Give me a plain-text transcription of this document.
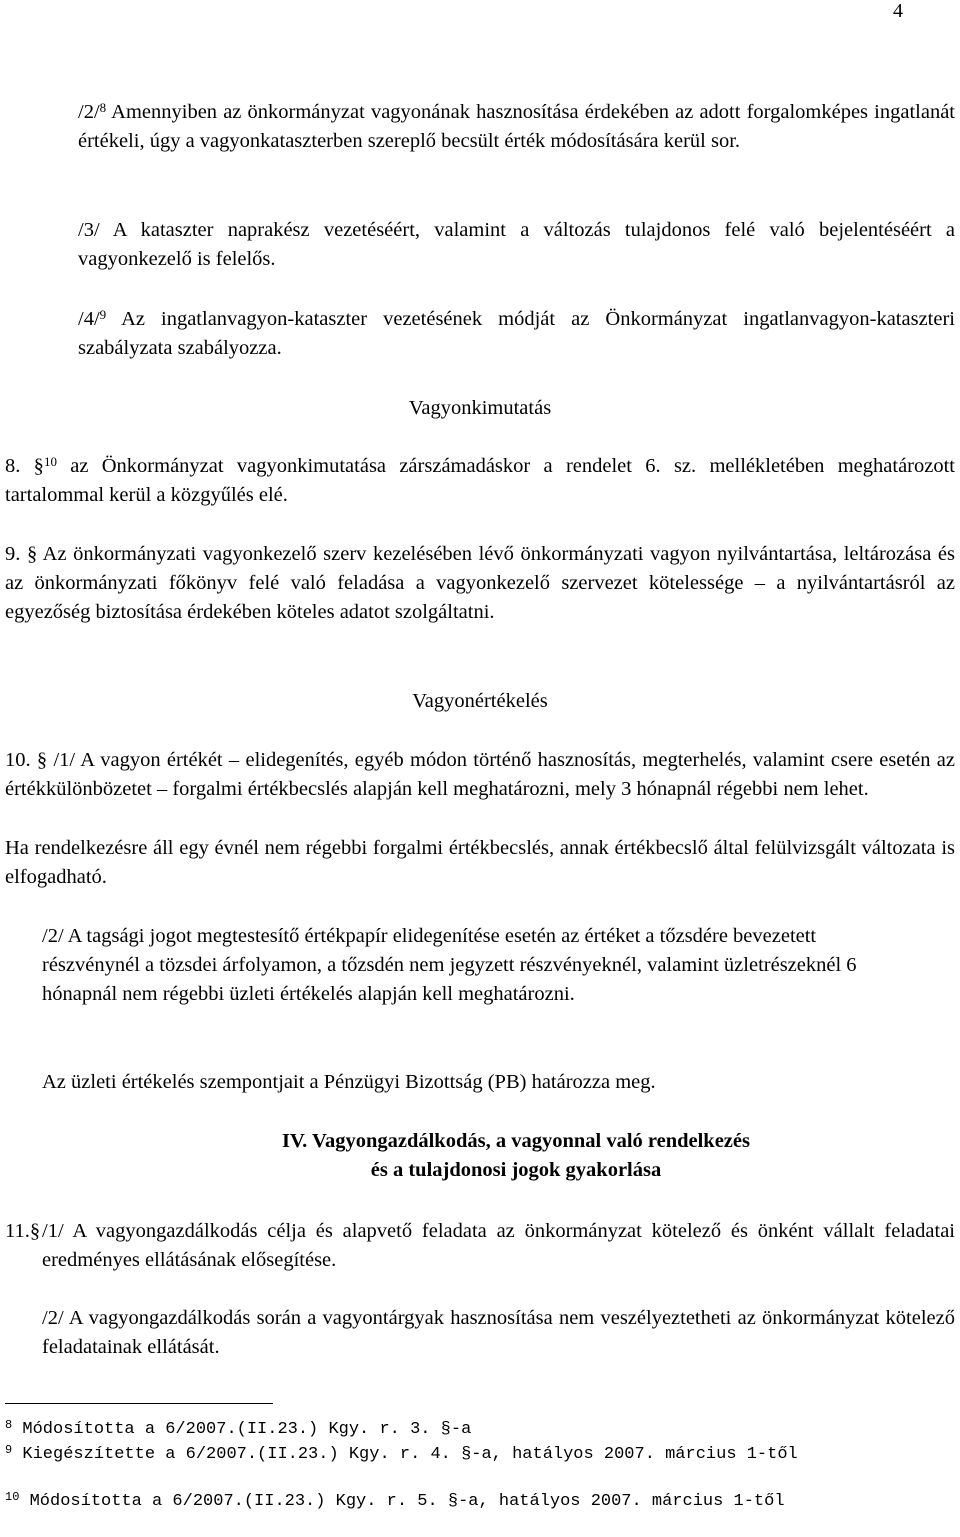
4
/2/$^8$ Amennyiben az önkormányzat vagyonának hasznosítása érdekében az adott forgalomképes ingatlanát értékeli, úgy a vagyonkataszterben szereplő becsült érték módosítására kerül sor.
/3/ A kataszter naprakész vezetéséért, valamint a változás tulajdonos felé való bejelentéséért a vagyonkezelő is felelős.
/4/$^9$ Az ingatlanvagyon-kataszter vezetésének módját az Önkormányzat ingatlanvagyon-kataszteri szabályzata szabályozza.
Vagyonkimutatás
8. §$^{10}$ az Önkormányzat vagyonkimutatása zárszámadáskor a rendelet 6. sz. mellékletében meghatározott tartalommal kerül a közgyűlés elé.
9. § Az önkormányzati vagyonkezelő szerv kezelésében lévő önkormányzati vagyon nyilvántartása, leltározása és az önkormányzati főkönyv felé való feladása a vagyonkezelő szervezet kötelessége – a nyilvántartásról az egyezőség biztosítása érdekében köteles adatot szolgáltatni.
Vagyonértékelés
10. § /1/ A vagyon értékét – elidegenítés, egyéb módon történő hasznosítás, megterhelés, valamint csere esetén az értékkülönbözetet – forgalmi értékbecslés alapján kell meghatározni, mely 3 hónapnál régebbi nem lehet.
Ha rendelkezésre áll egy évnél nem régebbi forgalmi értékbecslés, annak értékbecslő által felülvizsgált változata is elfogadható.
/2/ A tagsági jogot megtestesítő értékpapír elidegenítése esetén az értéket a tőzsdére bevezetett részvénynél a tözsdei árfolyamon, a tőzsdén nem jegyzett részvényeknél, valamint üzletrészeknél 6 hónapnál nem régebbi üzleti értékelés alapján kell meghatározni.
Az üzleti értékelés szempontjait a Pénzügyi Bizottság (PB) határozza meg.
IV. Vagyongazdálkodás, a vagyonnal való rendelkezés
és a tulajdonosi jogok gyakorlása
11.§ /1/ A vagyongazdálkodás célja és alapvető feladata az önkormányzat kötelező és önként vállalt feladatai eredményes ellátásának elősegítése.
/2/ A vagyongazdálkodás során a vagyontárgyak hasznosítása nem veszélyeztetheti az önkormányzat kötelező feladatainak ellátását.
$^8$ Módosította a 6/2007.(II.23.) Kgy. r. 3. §-a
$^9$ Kiegészítette a 6/2007.(II.23.) Kgy. r. 4. §-a, hatályos 2007. március 1-től
$^{10}$ Módosította a 6/2007.(II.23.) Kgy. r. 5. §-a, hatályos 2007. március 1-től
